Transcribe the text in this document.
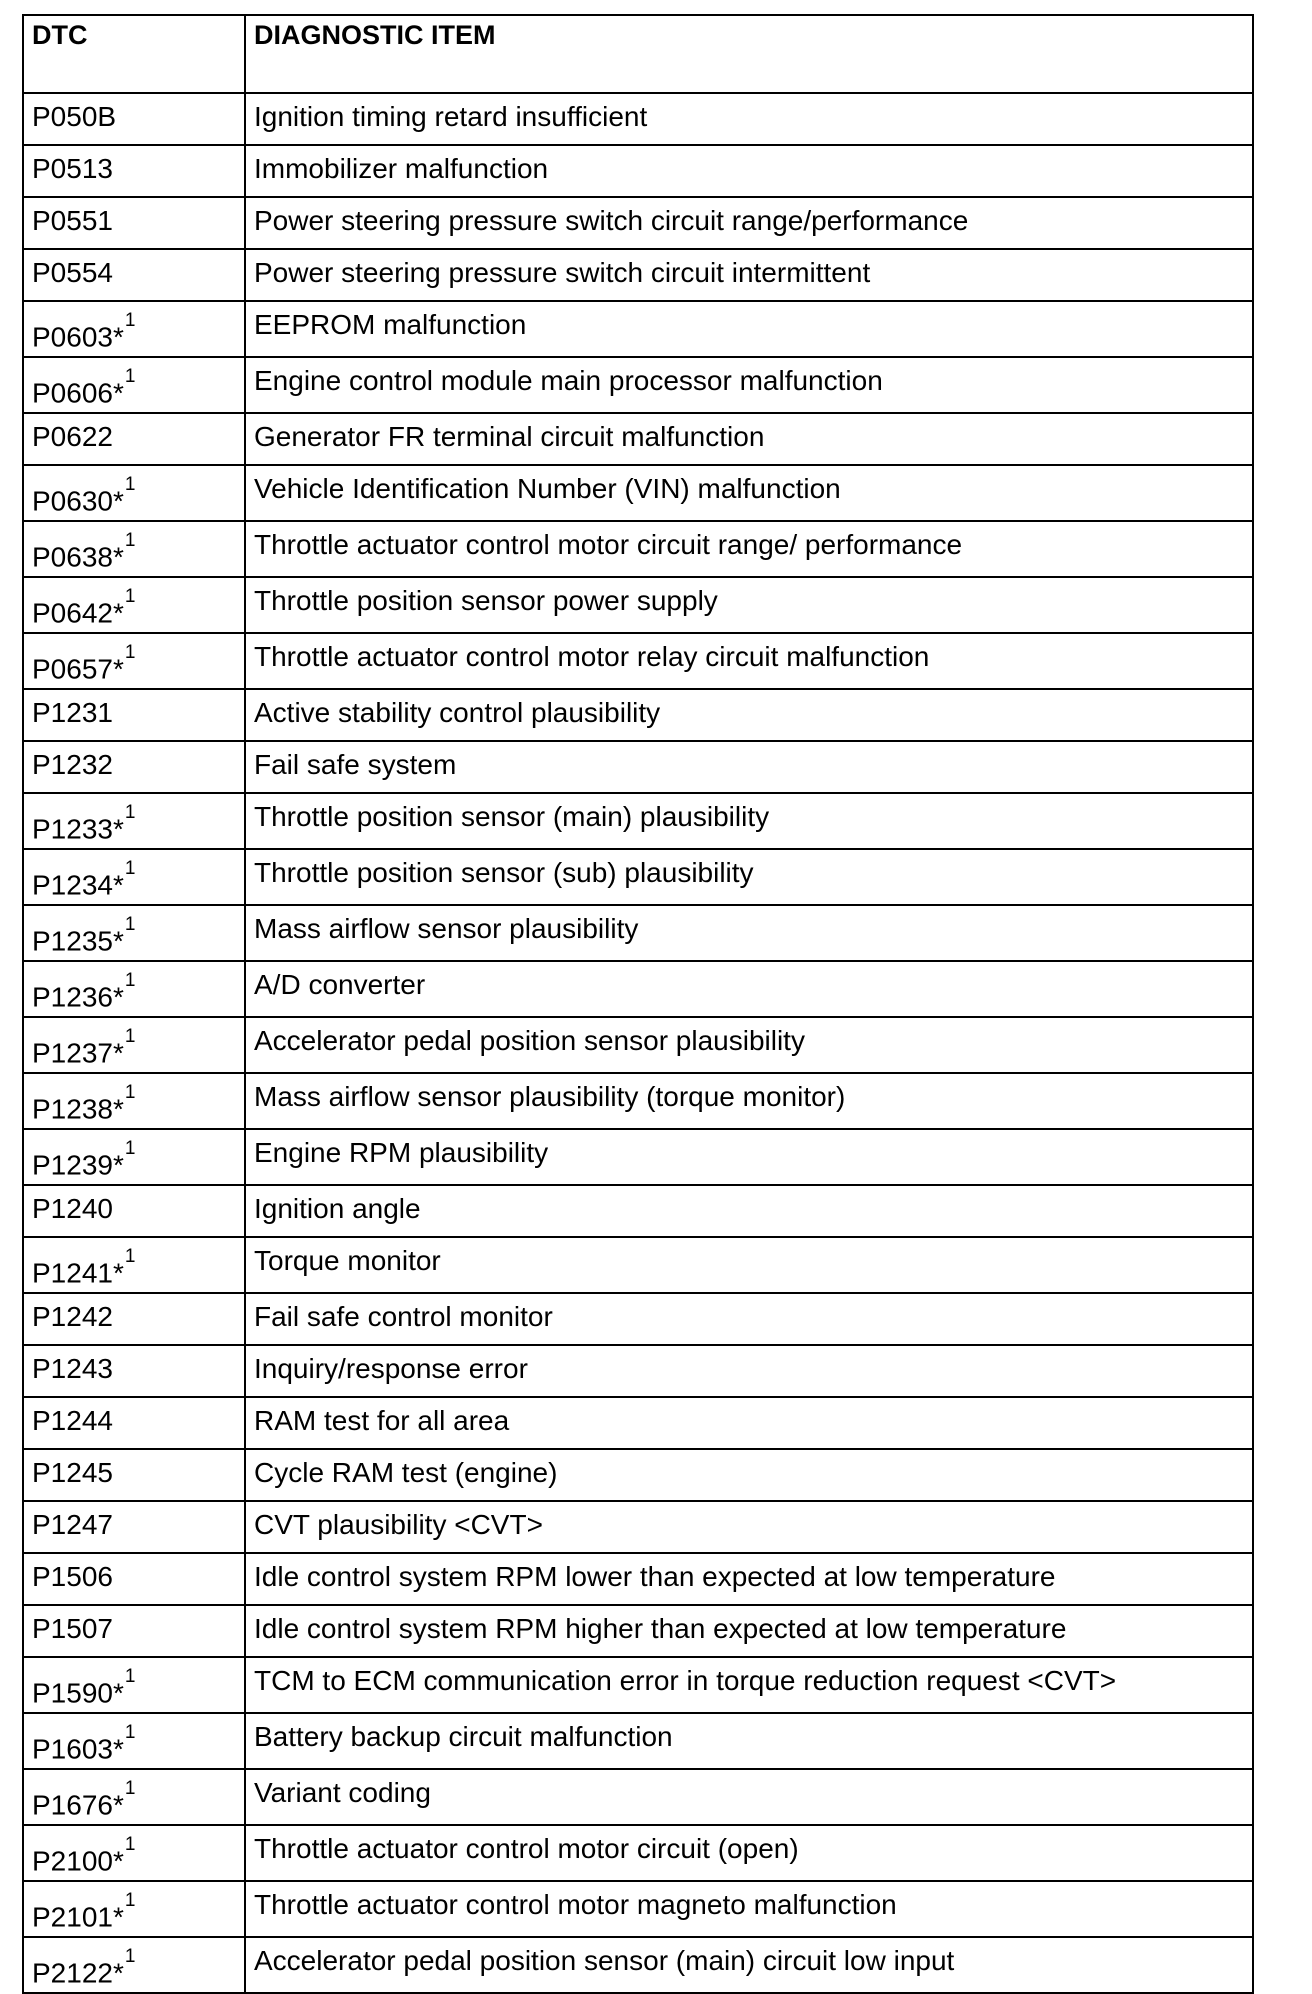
DTC	DIAGNOSTIC ITEM
P050B	Ignition timing retard insufficient
P0513	Immobilizer malfunction
P0551	Power steering pressure switch circuit range/performance
P0554	Power steering pressure switch circuit intermittent
P0603*$^1$	EEPROM malfunction
P0606*$^1$	Engine control module main processor malfunction
P0622	Generator FR terminal circuit malfunction
P0630*$^1$	Vehicle Identification Number (VIN) malfunction
P0638*$^1$	Throttle actuator control motor circuit range/ performance
P0642*$^1$	Throttle position sensor power supply
P0657*$^1$	Throttle actuator control motor relay circuit malfunction
P1231	Active stability control plausibility
P1232	Fail safe system
P1233*$^1$	Throttle position sensor (main) plausibility
P1234*$^1$	Throttle position sensor (sub) plausibility
P1235*$^1$	Mass airflow sensor plausibility
P1236*$^1$	A/D converter
P1237*$^1$	Accelerator pedal position sensor plausibility
P1238*$^1$	Mass airflow sensor plausibility (torque monitor)
P1239*$^1$	Engine RPM plausibility
P1240	Ignition angle
P1241*$^1$	Torque monitor
P1242	Fail safe control monitor
P1243	Inquiry/response error
P1244	RAM test for all area
P1245	Cycle RAM test (engine)
P1247	CVT plausibility <CVT>
P1506	Idle control system RPM lower than expected at low temperature
P1507	Idle control system RPM higher than expected at low temperature
P1590*$^1$	TCM to ECM communication error in torque reduction request <CVT>
P1603*$^1$	Battery backup circuit malfunction
P1676*$^1$	Variant coding
P2100*$^1$	Throttle actuator control motor circuit (open)
P2101*$^1$	Throttle actuator control motor magneto malfunction
P2122*$^1$	Accelerator pedal position sensor (main) circuit low input
